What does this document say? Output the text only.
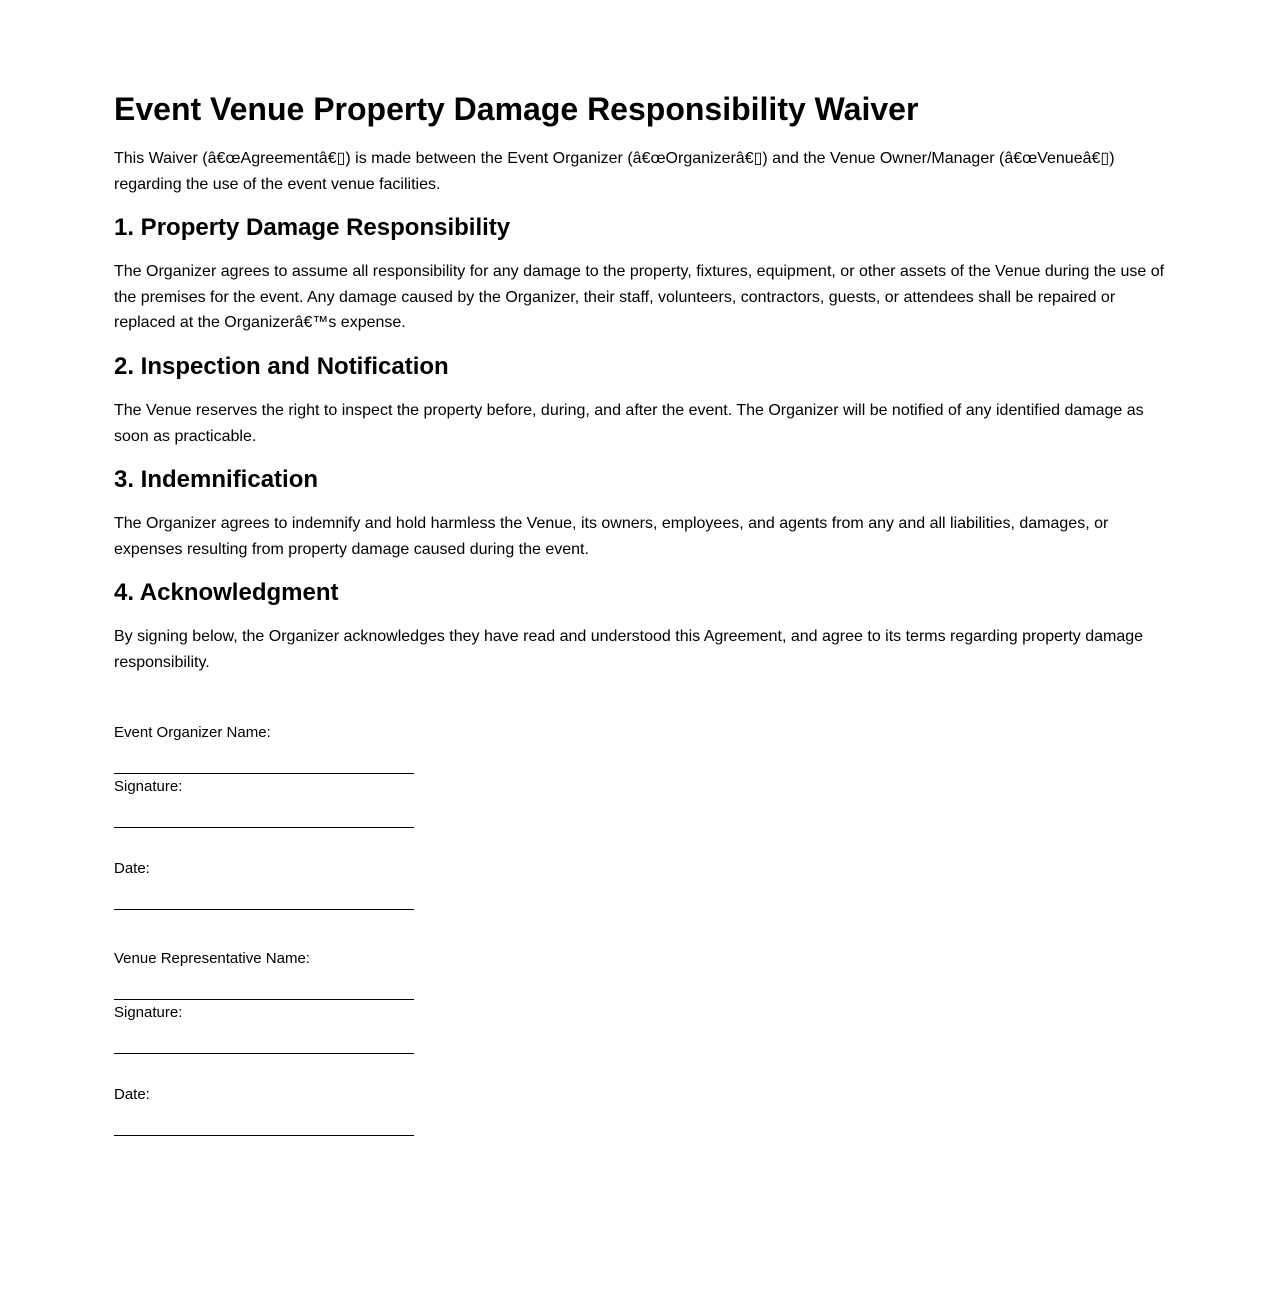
Event Venue Property Damage Responsibility Waiver

This Waiver (â€œAgreementâ€▯) is made between the Event Organizer (â€œOrganizerâ€▯) and the Venue Owner/Manager (â€œVenueâ€▯) regarding the use of the event venue facilities.

1. Property Damage Responsibility

The Organizer agrees to assume all responsibility for any damage to the property, fixtures, equipment, or other assets of the Venue during the use of the premises for the event. Any damage caused by the Organizer, their staff, volunteers, contractors, guests, or attendees shall be repaired or replaced at the Organizerâ€™s expense.

2. Inspection and Notification

The Venue reserves the right to inspect the property before, during, and after the event. The Organizer will be notified of any identified damage as soon as practicable.

3. Indemnification

The Organizer agrees to indemnify and hold harmless the Venue, its owners, employees, and agents from any and all liabilities, damages, or expenses resulting from property damage caused during the event.

4. Acknowledgment

By signing below, the Organizer acknowledges they have read and understood this Agreement, and agree to its terms regarding property damage responsibility.

Event Organizer Name:
Signature:
Date:
Venue Representative Name:
Signature:
Date:
